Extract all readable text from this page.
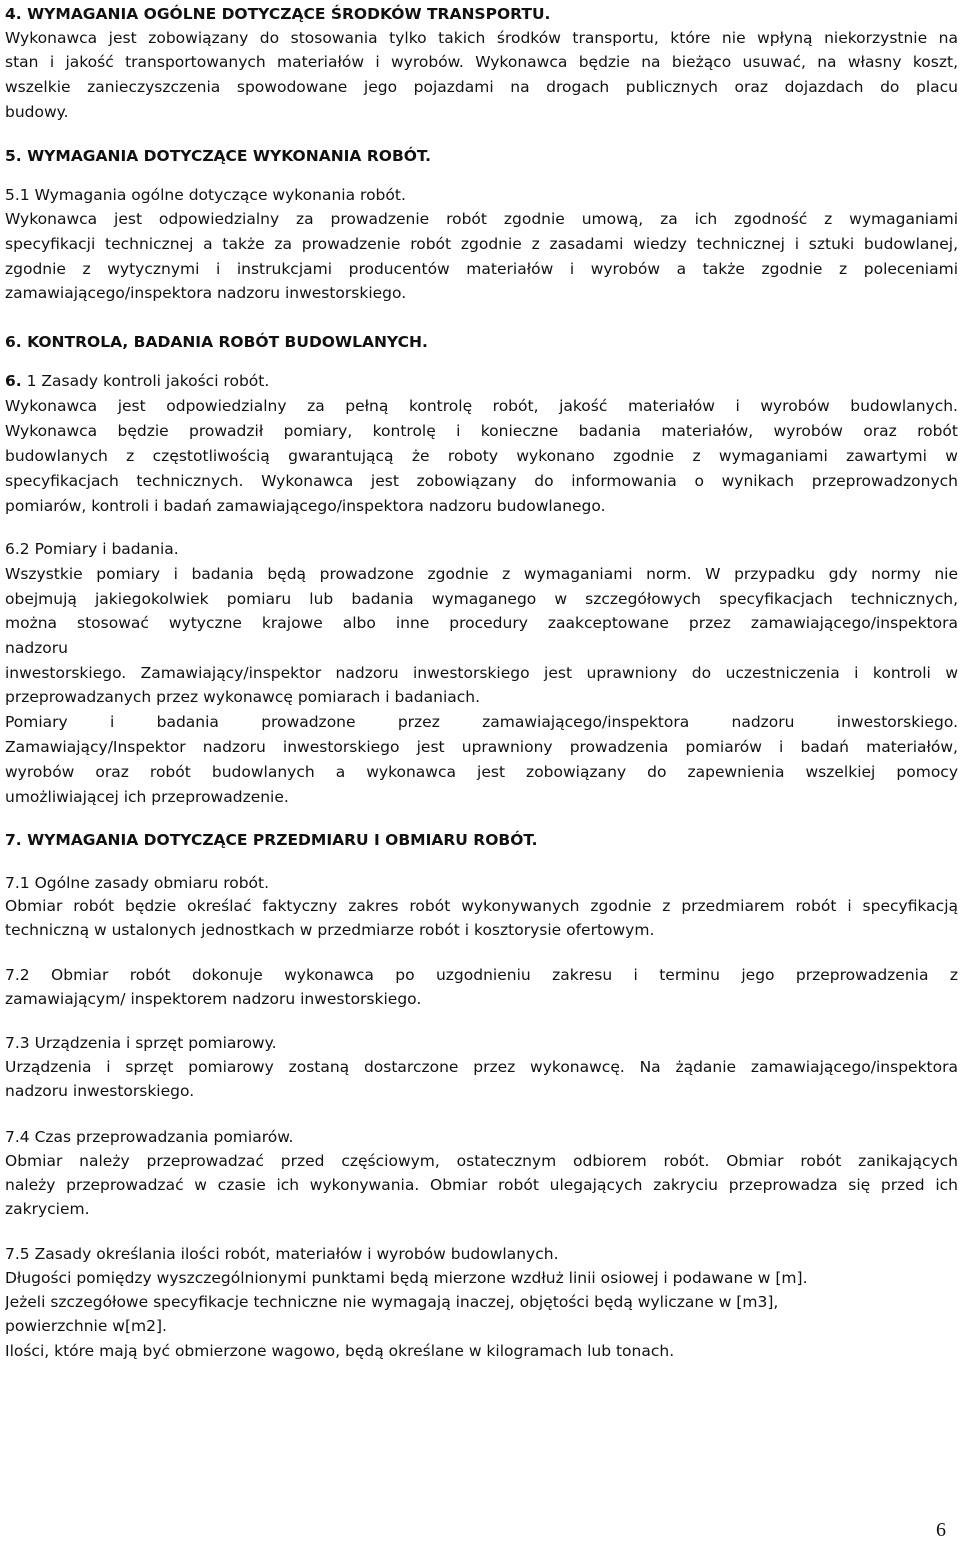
4. WYMAGANIA OGÓLNE DOTYCZĄCE ŚRODKÓW TRANSPORTU.
Wykonawca jest zobowiązany do stosowania tylko takich środków transportu, które nie wpłyną niekorzystnie na
stan i jakość transportowanych materiałów i wyrobów. Wykonawca będzie na bieżąco usuwać, na własny koszt,
wszelkie zanieczyszczenia spowodowane jego pojazdami na drogach publicznych oraz dojazdach do placu
budowy.
5. WYMAGANIA DOTYCZĄCE WYKONANIA ROBÓT.
5.1 Wymagania ogólne dotyczące wykonania robót.
Wykonawca jest odpowiedzialny za prowadzenie robót zgodnie umową, za ich zgodność z wymaganiami
specyfikacji technicznej a także za prowadzenie robót zgodnie z zasadami wiedzy technicznej i sztuki budowlanej,
zgodnie z wytycznymi i instrukcjami producentów materiałów i wyrobów a także zgodnie z poleceniami
zamawiającego/inspektora nadzoru inwestorskiego.
6. KONTROLA, BADANIA ROBÓT BUDOWLANYCH.
6. 1 Zasady kontroli jakości robót.
Wykonawca jest odpowiedzialny za pełną kontrolę robót, jakość materiałów i wyrobów budowlanych.
Wykonawca będzie prowadził pomiary, kontrolę i konieczne badania materiałów, wyrobów oraz robót
budowlanych z częstotliwością gwarantującą że roboty wykonano zgodnie z wymaganiami zawartymi w
specyfikacjach technicznych. Wykonawca jest zobowiązany do informowania o wynikach przeprowadzonych
pomiarów, kontroli i badań zamawiającego/inspektora nadzoru budowlanego.
6.2 Pomiary i badania.
Wszystkie pomiary i badania będą prowadzone zgodnie z wymaganiami norm. W przypadku gdy normy nie
obejmują jakiegokolwiek pomiaru lub badania wymaganego w szczegółowych specyfikacjach technicznych,
można stosować wytyczne krajowe albo inne procedury zaakceptowane przez zamawiającego/inspektora
nadzoru
inwestorskiego. Zamawiający/inspektor nadzoru inwestorskiego jest uprawniony do uczestniczenia i kontroli w
przeprowadzanych przez wykonawcę pomiarach i badaniach.
Pomiary i badania prowadzone przez zamawiającego/inspektora nadzoru inwestorskiego.
Zamawiający/Inspektor nadzoru inwestorskiego jest uprawniony prowadzenia pomiarów i badań materiałów,
wyrobów oraz robót budowlanych a wykonawca jest zobowiązany do zapewnienia wszelkiej pomocy
umożliwiającej ich przeprowadzenie.
7. WYMAGANIA DOTYCZĄCE PRZEDMIARU I OBMIARU ROBÓT.
7.1 Ogólne zasady obmiaru robót.
Obmiar robót będzie określać faktyczny zakres robót wykonywanych zgodnie z przedmiarem robót i specyfikacją
techniczną w ustalonych jednostkach w przedmiarze robót i kosztorysie ofertowym.
7.2 Obmiar robót dokonuje wykonawca po uzgodnieniu zakresu i terminu jego przeprowadzenia z
zamawiającym/ inspektorem nadzoru inwestorskiego.
7.3 Urządzenia i sprzęt pomiarowy.
Urządzenia i sprzęt pomiarowy zostaną dostarczone przez wykonawcę. Na żądanie zamawiającego/inspektora
nadzoru inwestorskiego.
7.4 Czas przeprowadzania pomiarów.
Obmiar należy przeprowadzać przed częściowym, ostatecznym odbiorem robót. Obmiar robót zanikających
należy przeprowadzać w czasie ich wykonywania. Obmiar robót ulegających zakryciu przeprowadza się przed ich
zakryciem.
7.5 Zasady określania ilości robót, materiałów i wyrobów budowlanych.
Długości pomiędzy wyszczególnionymi punktami będą mierzone wzdłuż linii osiowej i podawane w [m].
Jeżeli szczegółowe specyfikacje techniczne nie wymagają inaczej, objętości będą wyliczane w [m3],
powierzchnie w[m2].
Ilości, które mają być obmierzone wagowo, będą określane w kilogramach lub tonach.
6
